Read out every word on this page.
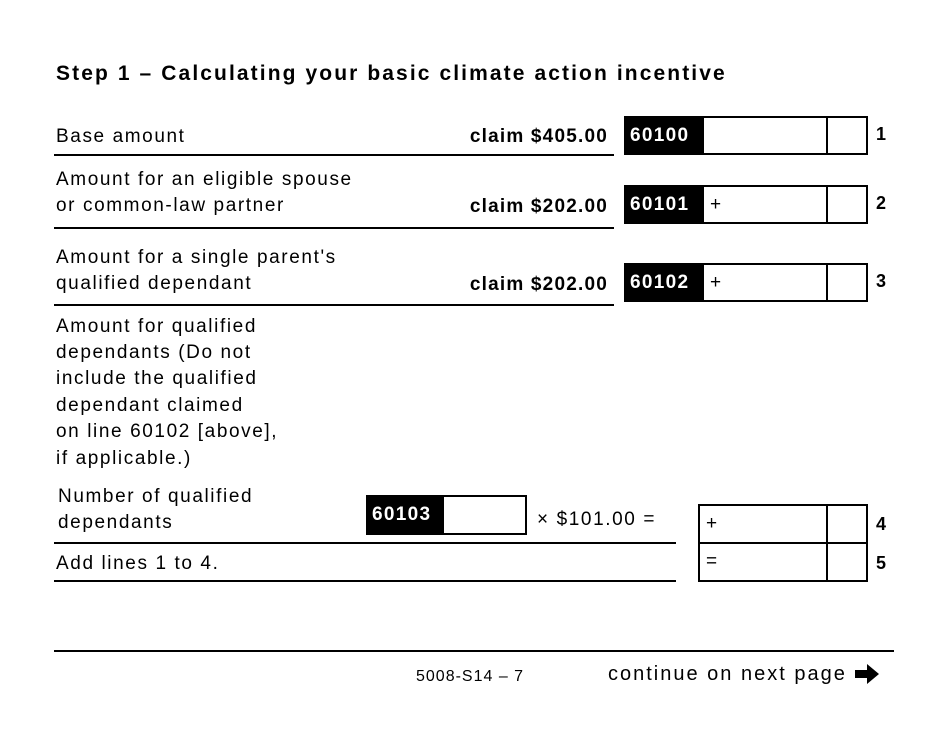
Step 1 – Calculating your basic climate action incentive
Base amount	claim $405.00 60100	1
Amount for an eligible spouse
or common-law partner	claim $202.00 60101	+	2
Amount for a single parent's
qualified dependant	claim $202.00 60102	+	3
Amount for qualified
dependants (Do not
include the qualified
dependant claimed
on line 60102 [above],
if applicable.)
Number of qualified
dependants	60103	× $101.00 =	+	4
Add lines 1 to 4.	=	5
5008-S14 – 7	continue on next page
